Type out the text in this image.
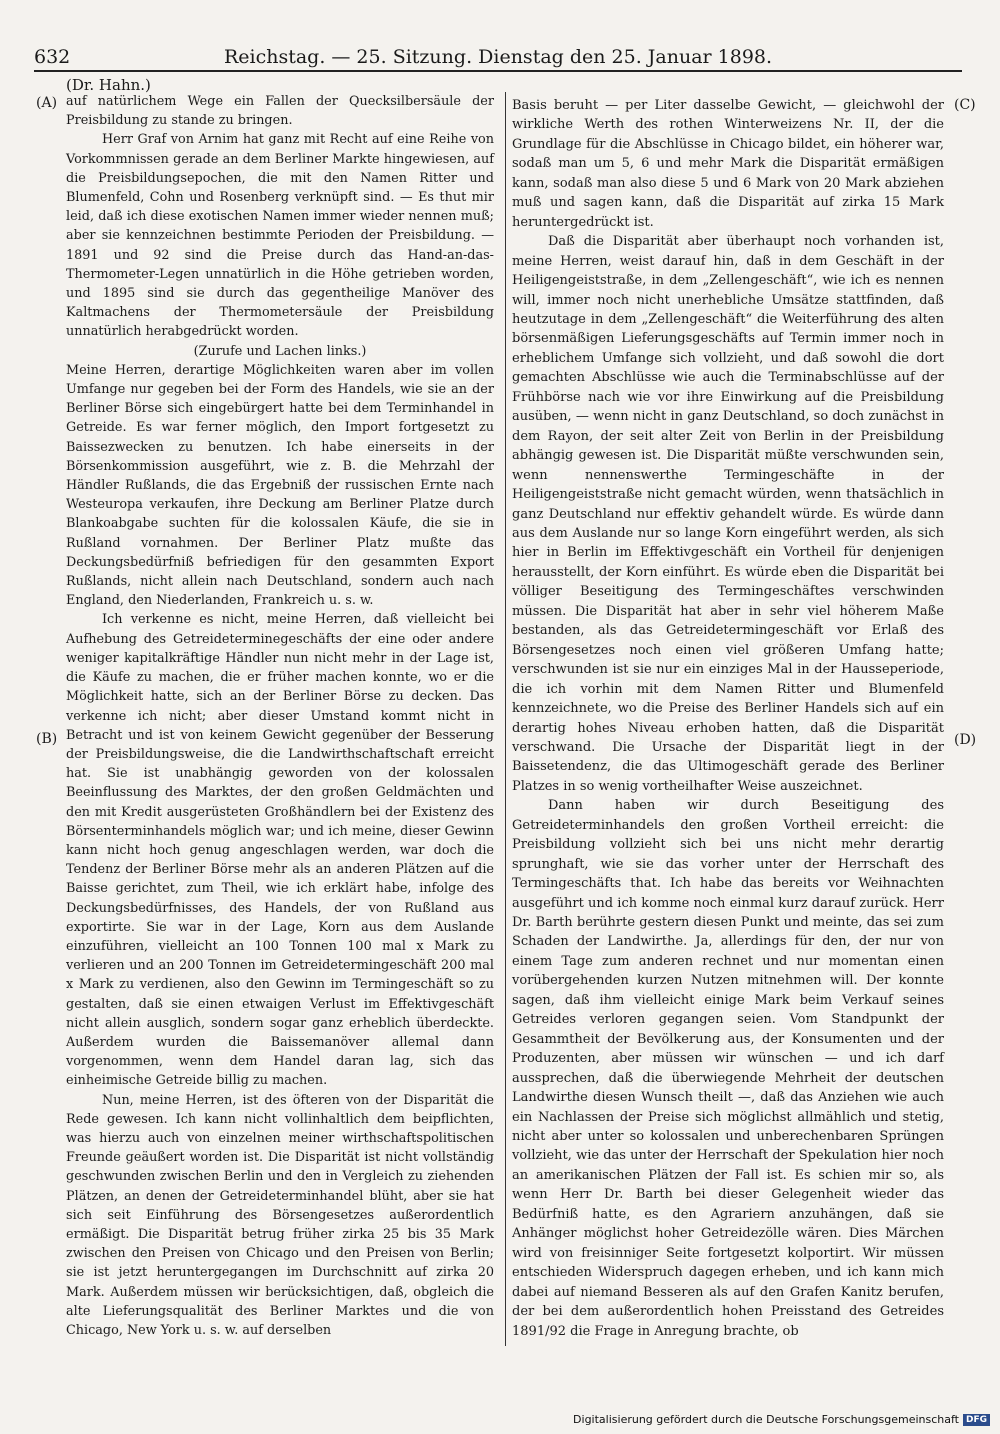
632	Reichstag. — 25. Sitzung. Dienstag den 25. Januar 1898.
(Dr. Hahn.)
(A)
(B)
(C)
(D)

auf natürlichem Wege ein Fallen der Quecksilbersäule der Preisbildung zu stande zu bringen.

Herr Graf von Arnim hat ganz mit Recht auf eine Reihe von Vorkommnissen gerade an dem Berliner Markte hingewiesen, auf die Preisbildungsepochen, die mit den Namen Ritter und Blumenfeld, Cohn und Rosenberg verknüpft sind. — Es thut mir leid, daß ich diese exotischen Namen immer wieder nennen muß; aber sie kennzeichnen bestimmte Perioden der Preisbildung. — 1891 und 92 sind die Preise durch das Hand-an-das-Thermometer-Legen unnatürlich in die Höhe getrieben worden, und 1895 sind sie durch das gegentheilige Manöver des Kaltmachens der Thermometersäule der Preisbildung unnatürlich herabgedrückt worden.

(Zurufe und Lachen links.)

Meine Herren, derartige Möglichkeiten waren aber im vollen Umfange nur gegeben bei der Form des Handels, wie sie an der Berliner Börse sich eingebürgert hatte bei dem Terminhandel in Getreide. Es war ferner möglich, den Import fortgesetzt zu Baissezwecken zu benutzen. Ich habe einerseits in der Börsenkommission ausgeführt, wie z. B. die Mehrzahl der Händler Rußlands, die das Ergebniß der russischen Ernte nach Westeuropa verkaufen, ihre Deckung am Berliner Platze durch Blankoabgabe suchten für die kolossalen Käufe, die sie in Rußland vornahmen. Der Berliner Platz mußte das Deckungsbedürfniß befriedigen für den gesammten Export Rußlands, nicht allein nach Deutschland, sondern auch nach England, den Niederlanden, Frankreich u. s. w.

Ich verkenne es nicht, meine Herren, daß vielleicht bei Aufhebung des Getreideterminegeschäfts der eine oder andere weniger kapitalkräftige Händler nun nicht mehr in der Lage ist, die Käufe zu machen, die er früher machen konnte, wo er die Möglichkeit hatte, sich an der Berliner Börse zu decken. Das verkenne ich nicht; aber dieser Umstand kommt nicht in Betracht und ist von keinem Gewicht gegenüber der Besserung der Preisbildungsweise, die die Landwirthschaftschaft erreicht hat. Sie ist unabhängig geworden von der kolossalen Beeinflussung des Marktes, der den großen Geldmächten und den mit Kredit ausgerüsteten Großhändlern bei der Existenz des Börsenterminhandels möglich war; und ich meine, dieser Gewinn kann nicht hoch genug angeschlagen werden, war doch die Tendenz der Berliner Börse mehr als an anderen Plätzen auf die Baisse gerichtet, zum Theil, wie ich erklärt habe, infolge des Deckungsbedürfnisses, des Handels, der von Rußland aus exportirte. Sie war in der Lage, Korn aus dem Auslande einzuführen, vielleicht an 100 Tonnen 100 mal x Mark zu verlieren und an 200 Tonnen im Getreidetermingeschäft 200 mal x Mark zu verdienen, also den Gewinn im Termingeschäft so zu gestalten, daß sie einen etwaigen Verlust im Effektivgeschäft nicht allein ausglich, sondern sogar ganz erheblich überdeckte. Außerdem wurden die Baissemanöver allemal dann vorgenommen, wenn dem Handel daran lag, sich das einheimische Getreide billig zu machen.

Nun, meine Herren, ist des öfteren von der Disparität die Rede gewesen. Ich kann nicht vollinhaltlich dem beipflichten, was hierzu auch von einzelnen meiner wirthschaftspolitischen Freunde geäußert worden ist. Die Disparität ist nicht vollständig geschwunden zwischen Berlin und den in Vergleich zu ziehenden Plätzen, an denen der Getreideterminhandel blüht, aber sie hat sich seit Einführung des Börsengesetzes außerordentlich ermäßigt. Die Disparität betrug früher zirka 25 bis 35 Mark zwischen den Preisen von Chicago und den Preisen von Berlin; sie ist jetzt heruntergegangen im Durchschnitt auf zirka 20 Mark. Außerdem müssen wir berücksichtigen, daß, obgleich die alte Lieferungsqualität des Berliner Marktes und die von Chicago, New York u. s. w. auf derselben

Basis beruht — per Liter dasselbe Gewicht, — gleichwohl der wirkliche Werth des rothen Winterweizens Nr. II, der die Grundlage für die Abschlüsse in Chicago bildet, ein höherer war, sodaß man um 5, 6 und mehr Mark die Disparität ermäßigen kann, sodaß man also diese 5 und 6 Mark von 20 Mark abziehen muß und sagen kann, daß die Disparität auf zirka 15 Mark heruntergedrückt ist.

Daß die Disparität aber überhaupt noch vorhanden ist, meine Herren, weist darauf hin, daß in dem Geschäft in der Heiligengeiststraße, in dem „Zellengeschäft“, wie ich es nennen will, immer noch nicht unerhebliche Umsätze stattfinden, daß heutzutage in dem „Zellengeschäft“ die Weiterführung des alten börsenmäßigen Lieferungsgeschäfts auf Termin immer noch in erheblichem Umfange sich vollzieht, und daß sowohl die dort gemachten Abschlüsse wie auch die Terminabschlüsse auf der Frühbörse nach wie vor ihre Einwirkung auf die Preisbildung ausüben, — wenn nicht in ganz Deutschland, so doch zunächst in dem Rayon, der seit alter Zeit von Berlin in der Preisbildung abhängig gewesen ist. Die Disparität müßte verschwunden sein, wenn nennenswerthe Termingeschäfte in der Heiligengeiststraße nicht gemacht würden, wenn thatsächlich in ganz Deutschland nur effektiv gehandelt würde. Es würde dann aus dem Auslande nur so lange Korn eingeführt werden, als sich hier in Berlin im Effektivgeschäft ein Vortheil für denjenigen herausstellt, der Korn einführt. Es würde eben die Disparität bei völliger Beseitigung des Termingeschäftes verschwinden müssen. Die Disparität hat aber in sehr viel höherem Maße bestanden, als das Getreidetermingeschäft vor Erlaß des Börsengesetzes noch einen viel größeren Umfang hatte; verschwunden ist sie nur ein einziges Mal in der Hausseperiode, die ich vorhin mit dem Namen Ritter und Blumenfeld kennzeichnete, wo die Preise des Berliner Handels sich auf ein derartig hohes Niveau erhoben hatten, daß die Disparität verschwand. Die Ursache der Disparität liegt in der Baissetendenz, die das Ultimogeschäft gerade des Berliner Platzes in so wenig vortheilhafter Weise auszeichnet.

Dann haben wir durch Beseitigung des Getreideterminhandels den großen Vortheil erreicht: die Preisbildung vollzieht sich bei uns nicht mehr derartig sprunghaft, wie sie das vorher unter der Herrschaft des Termingeschäfts that. Ich habe das bereits vor Weihnachten ausgeführt und ich komme noch einmal kurz darauf zurück. Herr Dr. Barth berührte gestern diesen Punkt und meinte, das sei zum Schaden der Landwirthe. Ja, allerdings für den, der nur von einem Tage zum anderen rechnet und nur momentan einen vorübergehenden kurzen Nutzen mitnehmen will. Der konnte sagen, daß ihm vielleicht einige Mark beim Verkauf seines Getreides verloren gegangen seien. Vom Standpunkt der Gesammtheit der Bevölkerung aus, der Konsumenten und der Produzenten, aber müssen wir wünschen — und ich darf aussprechen, daß die überwiegende Mehrheit der deutschen Landwirthe diesen Wunsch theilt —, daß das Anziehen wie auch ein Nachlassen der Preise sich möglichst allmählich und stetig, nicht aber unter so kolossalen und unberechenbaren Sprüngen vollzieht, wie das unter der Herrschaft der Spekulation hier noch an amerikanischen Plätzen der Fall ist. Es schien mir so, als wenn Herr Dr. Barth bei dieser Gelegenheit wieder das Bedürfniß hatte, es den Agrariern anzuhängen, daß sie Anhänger möglichst hoher Getreidezölle wären. Dies Märchen wird von freisinniger Seite fortgesetzt kolportirt. Wir müssen entschieden Widerspruch dagegen erheben, und ich kann mich dabei auf niemand Besseren als auf den Grafen Kanitz berufen, der bei dem außerordentlich hohen Preisstand des Getreides 1891/92 die Frage in Anregung brachte, ob

Digitalisierung gefördert durch die Deutsche Forschungsgemeinschaft DFG
